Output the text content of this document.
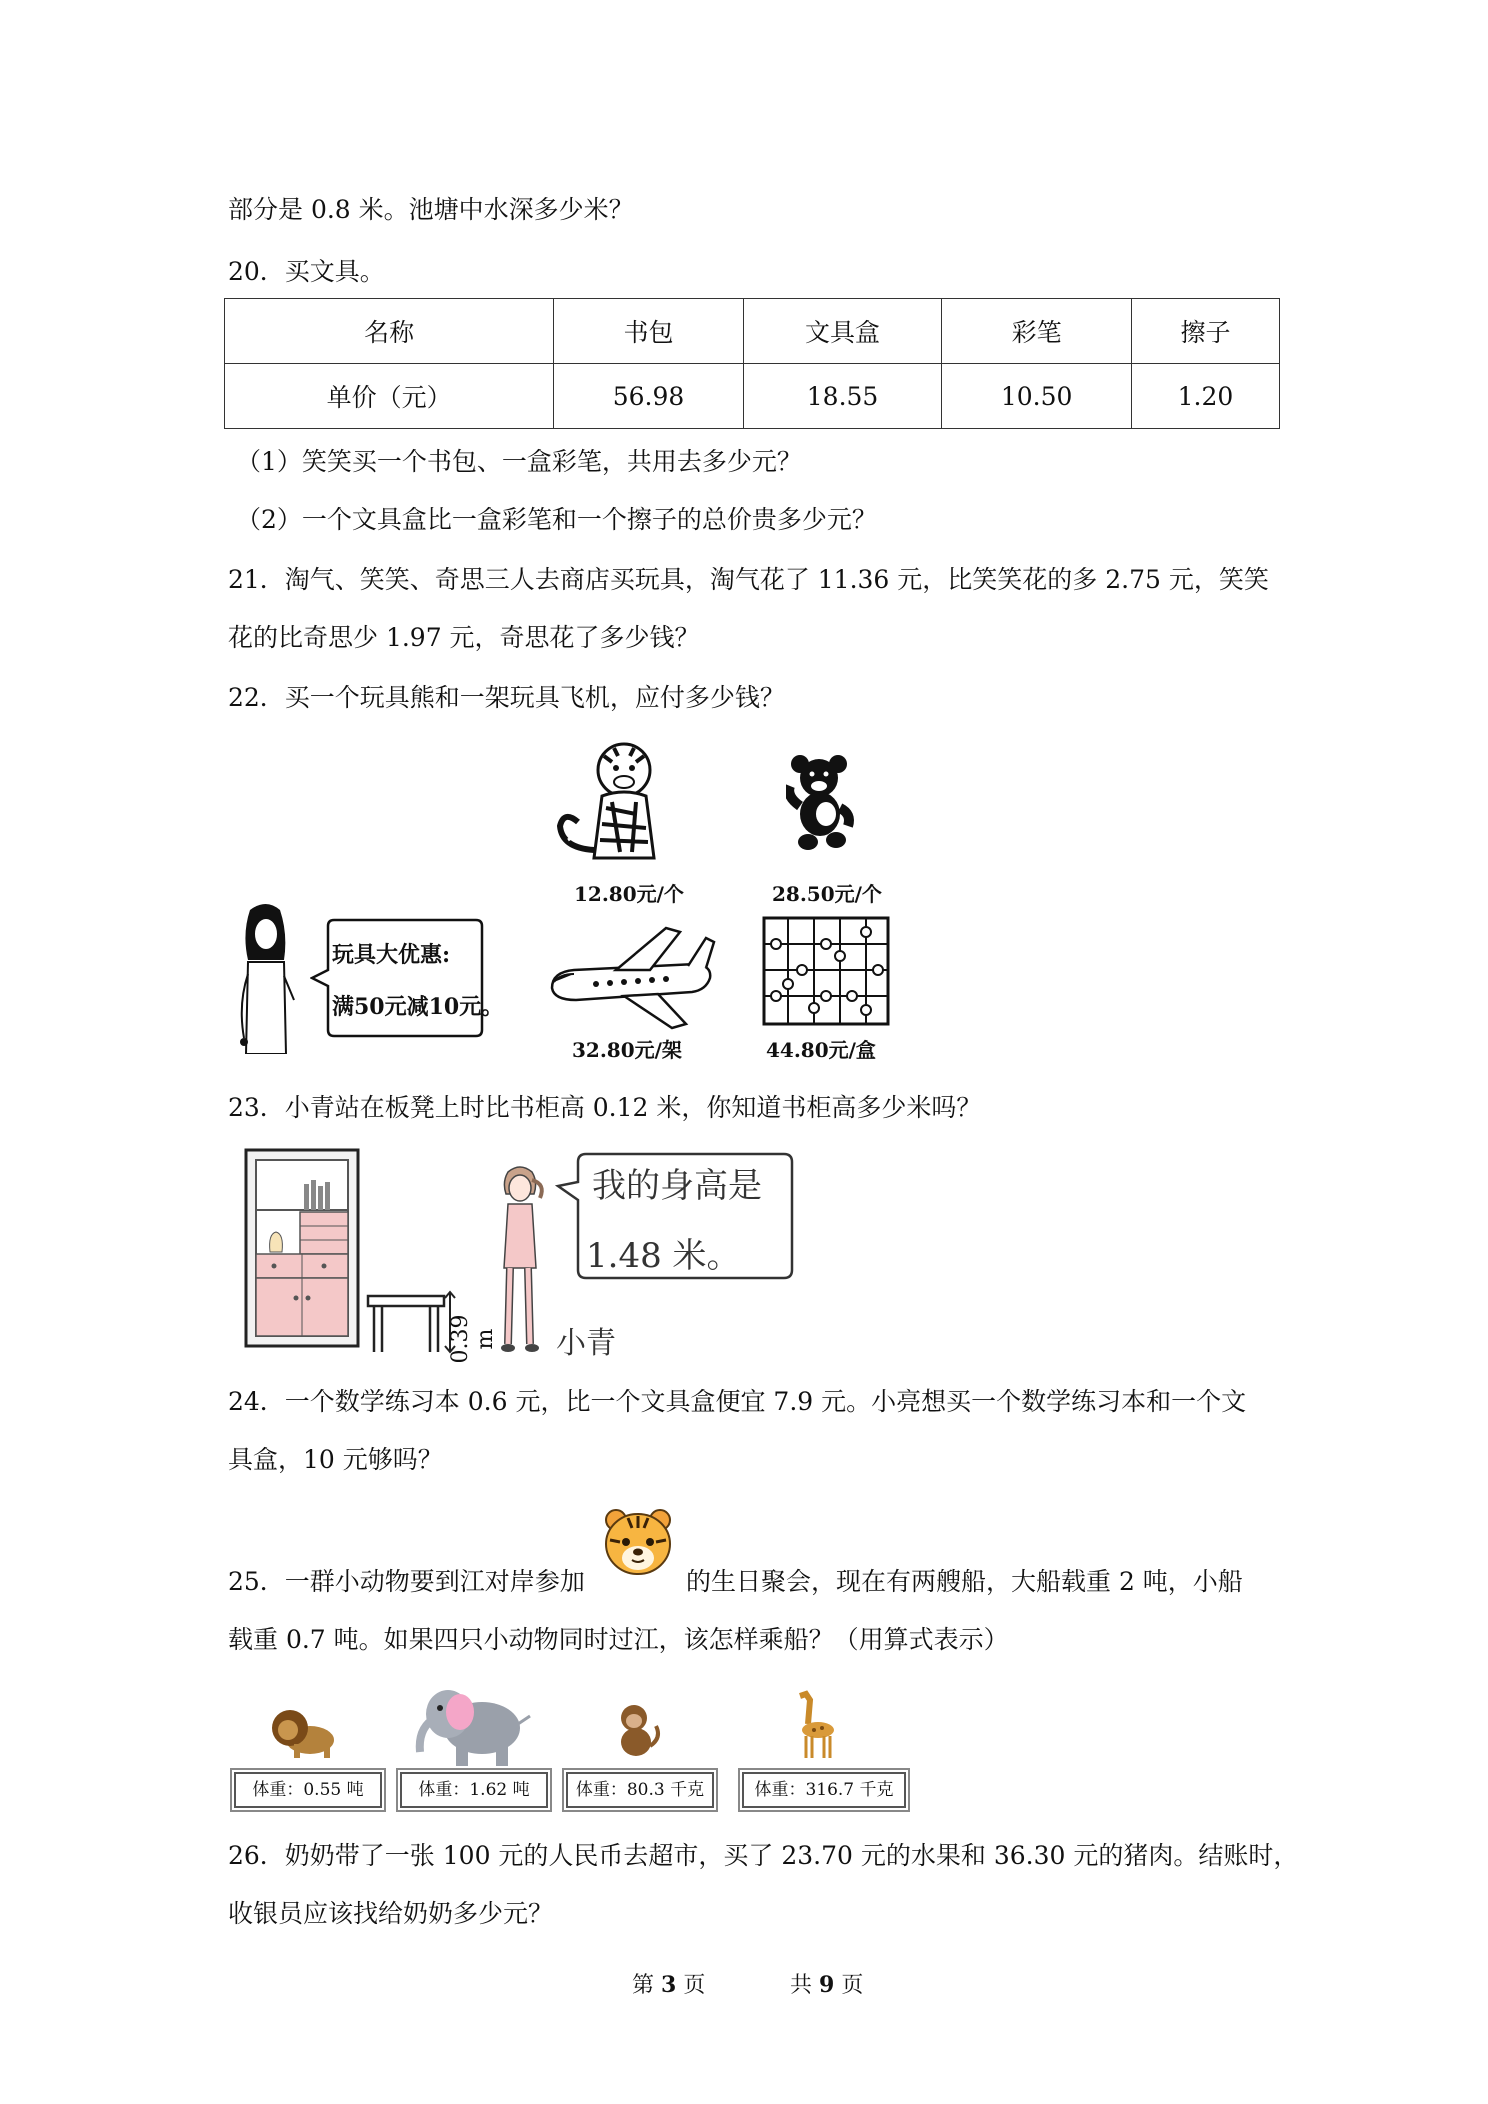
部分是 0.8 米。池塘中水深多少米？
20．买文具。
名称	书包	文具盒	彩笔	擦子
单价（元）	56.98	18.55	10.50	1.20
（1）笑笑买一个书包、一盒彩笔，共用去多少元？
（2）一个文具盒比一盒彩笔和一个擦子的总价贵多少元？
21．淘气、笑笑、奇思三人去商店买玩具，淘气花了 11.36 元，比笑笑花的多 2.75 元，笑笑
花的比奇思少 1.97 元，奇思花了多少钱？
22．买一个玩具熊和一架玩具飞机，应付多少钱？
12.80元/个	28.50元/个
玩具大优惠:
满50元减10元。
32.80元/架	44.80元/盒
23．小青站在板凳上时比书柜高 0.12 米，你知道书柜高多少米吗？
0.39 m
我的身高是
1.48 米。
小青
24．一个数学练习本 0.6 元，比一个文具盒便宜 7.9 元。小亮想买一个数学练习本和一个文
具盒，10 元够吗？
25．一群小动物要到江对岸参加	的生日聚会，现在有两艘船，大船载重 2 吨，小船
载重 0.7 吨。如果四只小动物同时过江，该怎样乘船？（用算式表示）
体重：0.55 吨	体重：1.62 吨	体重：80.3 千克	体重：316.7 千克
26．奶奶带了一张 100 元的人民币去超市，买了 23.70 元的水果和 36.30 元的猪肉。结账时，
收银员应该找给奶奶多少元？
第 3 页	共 9 页
